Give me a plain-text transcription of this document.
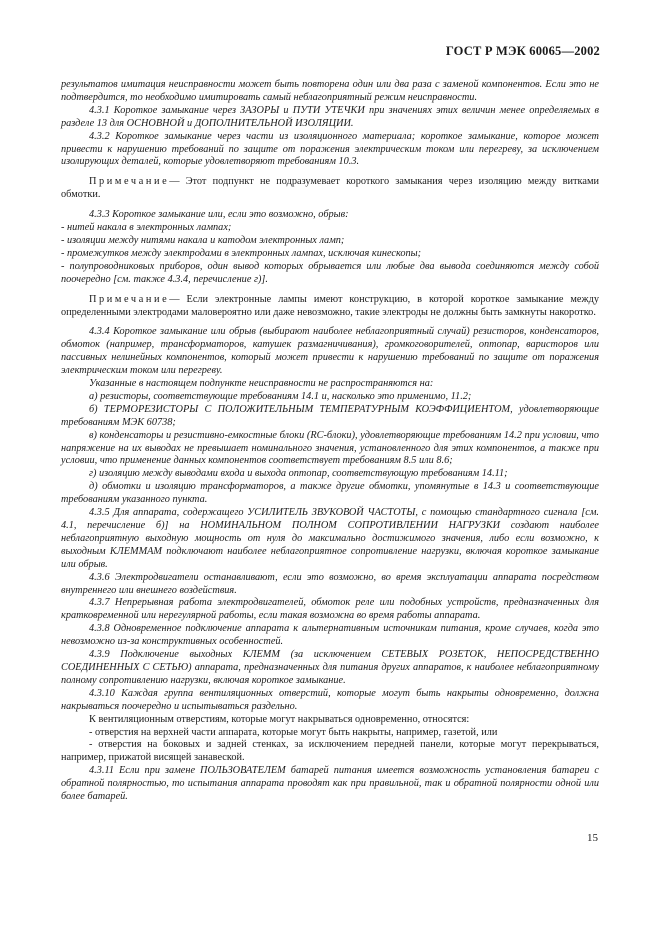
ГОСТ Р МЭК 60065—2002

результатов имитация неисправности может быть повторена один или два раза с заменой компонентов. Если это не подтвердится, то необходимо имитировать самый неблагоприятный режим неисправности.

4.3.1 Короткое замыкание через ЗАЗОРЫ и ПУТИ УТЕЧКИ при значениях этих величин менее определяемых в разделе 13 для ОСНОВНОЙ и ДОПОЛНИТЕЛЬНОЙ ИЗОЛЯЦИИ.

4.3.2 Короткое замыкание через части из изоляционного материала; короткое замыкание, которое может привести к нарушению требований по защите от поражения электрическим током или перегреву, за исключением изолирующих деталей, которые удовлетворяют требованиям 10.3.

Примечание— Этот подпункт не подразумевает короткого замыкания через изоляцию между витками обмотки.

4.3.3 Короткое замыкание или, если это возможно, обрыв:

- нитей накала в электронных лампах;

- изоляции между нитями накала и катодом электронных ламп;

- промежутков между электродами в электронных лампах, исключая кинескопы;

- полупроводниковых приборов, один вывод которых обрывается или любые два вывода соединяются между собой поочередно [см. также 4.3.4, перечисление г)].

Примечание— Если электронные лампы имеют конструкцию, в которой короткое замыкание между определенными электродами маловероятно или даже невозможно, такие электроды не должны быть замкнуты накоротко.

4.3.4 Короткое замыкание или обрыв (выбирают наиболее неблагоприятный случай) резисторов, конденсаторов, обмоток (например, трансформаторов, катушек размагничивания), громкоговорителей, оптопар, варисторов или пассивных нелинейных компонентов, который может привести к нарушению требований по защите от поражения электрическим током или перегреву.

Указанные в настоящем подпункте неисправности не распространяются на:

а) резисторы, соответствующие требованиям 14.1 и, насколько это применимо, 11.2;

б) ТЕРМОРЕЗИСТОРЫ С ПОЛОЖИТЕЛЬНЫМ ТЕМПЕРАТУРНЫМ КОЭФФИЦИЕНТОМ, удовлетворяющие требованиям МЭК 60738;

в) конденсаторы и резистивно-емкостные блоки (RC-блоки), удовлетворяющие требованиям 14.2 при условии, что напряжение на их выводах не превышает номинального значения, установленного для этих компонентов, а также при условии, что применение данных компонентов соответствует требованиям 8.5 или 8.6;

г) изоляцию между выводами входа и выхода оптопар, соответствующую требованиям 14.11;

д) обмотки и изоляцию трансформаторов, а также другие обмотки, упомянутые в 14.3 и соответствующие требованиям указанного пункта.

4.3.5 Для аппарата, содержащего УСИЛИТЕЛЬ ЗВУКОВОЙ ЧАСТОТЫ, с помощью стандартного сигнала [см. 4.1, перечисление б)] на НОМИНАЛЬНОМ ПОЛНОМ СОПРОТИВЛЕНИИ НАГРУЗКИ создают наиболее неблагоприятную выходную мощность от нуля до максимально достижимого значения, либо если возможно, к выходным КЛЕММАМ подключают наиболее неблагоприятное сопротивление нагрузки, включая короткое замыкание или обрыв.

4.3.6 Электродвигатели останавливают, если это возможно, во время эксплуатации аппарата посредством внутреннего или внешнего воздействия.

4.3.7 Непрерывная работа электродвигателей, обмоток реле или подобных устройств, предназначенных для кратковременной или нерегулярной работы, если такая возможна во время работы аппарата.

4.3.8 Одновременное подключение аппарата к альтернативным источникам питания, кроме случаев, когда это невозможно из-за конструктивных особенностей.

4.3.9 Подключение выходных КЛЕММ (за исключением СЕТЕВЫХ РОЗЕТОК, НЕПОСРЕДСТВЕННО СОЕДИНЕННЫХ С СЕТЬЮ) аппарата, предназначенных для питания других аппаратов, к наиболее неблагоприятному полному сопротивлению нагрузки, включая короткое замыкание.

4.3.10 Каждая группа вентиляционных отверстий, которые могут быть накрыты одновременно, должна накрываться поочередно и испытываться раздельно.

К вентиляционным отверстиям, которые могут накрываться одновременно, относятся:

- отверстия на верхней части аппарата, которые могут быть накрыты, например, газетой, или

- отверстия на боковых и задней стенках, за исключением передней панели, которые могут перекрываться, например, прижатой висящей занавеской.

4.3.11 Если при замене ПОЛЬЗОВАТЕЛЕМ батарей питания имеется возможность установления батареи с обратной полярностью, то испытания аппарата проводят как при правильной, так и обратной полярности одной или более батарей.

15
